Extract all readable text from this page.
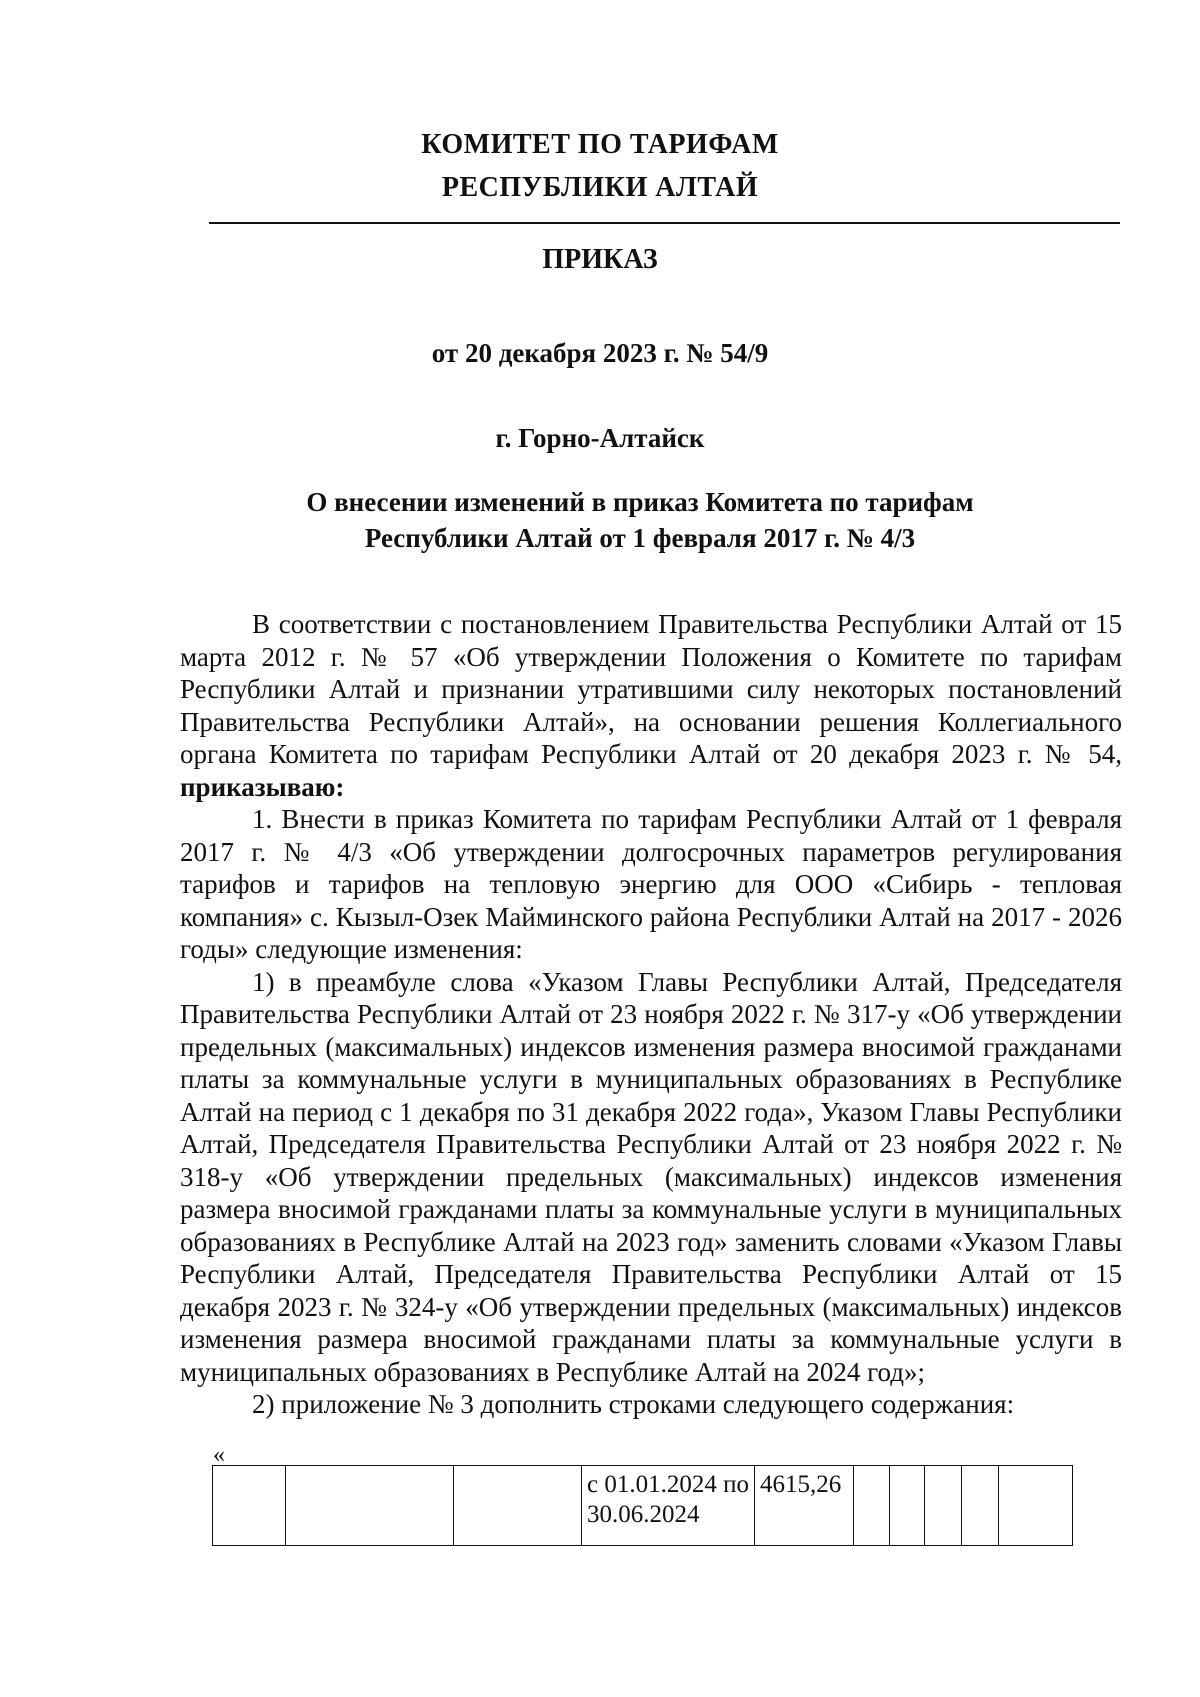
КОМИТЕТ ПО ТАРИФАМ
РЕСПУБЛИКИ АЛТАЙ
ПРИКАЗ
от 20 декабря 2023 г. № 54/9
г. Горно-Алтайск
О внесении изменений в приказ Комитета по тарифам
Республики Алтай от 1 февраля 2017 г. № 4/3

В соответствии с постановлением Правительства Республики Алтай от 15 марта 2012 г. № 57 «Об утверждении Положения о Комитете по тарифам Республики Алтай и признании утратившими силу некоторых постановлений Правительства Республики Алтай», на основании решения Коллегиального органа Комитета по тарифам Республики Алтай от 20 декабря 2023 г. № 54, приказываю:

1. Внести в приказ Комитета по тарифам Республики Алтай от 1 февраля 2017 г. № 4/3 «Об утверждении долгосрочных параметров регулирования тарифов и тарифов на тепловую энергию для ООО «Сибирь - тепловая компания» с. Кызыл-Озек Майминского района Республики Алтай на 2017 - 2026 годы» следующие изменения:

1) в преамбуле слова «Указом Главы Республики Алтай, Председателя Правительства Республики Алтай от 23 ноября 2022 г. № 317-у «Об утверждении предельных (максимальных) индексов изменения размера вносимой гражданами платы за коммунальные услуги в муниципальных образованиях в Республике Алтай на период с 1 декабря по 31 декабря 2022 года», Указом Главы Республики Алтай, Председателя Правительства Республики Алтай от 23 ноября 2022 г. № 318-у «Об утверждении предельных (максимальных) индексов изменения размера вносимой гражданами платы за коммунальные услуги в муниципальных образованиях в Республике Алтай на 2023 год» заменить словами «Указом Главы Республики Алтай, Председателя Правительства Республики Алтай от 15 декабря 2023 г. № 324-у «Об утверждении предельных (максимальных) индексов изменения размера вносимой гражданами платы за коммунальные услуги в муниципальных образованиях в Республике Алтай на 2024 год»;

2) приложение № 3 дополнить строками следующего содержания:

«
			с 01.01.2024 по 30.06.2024	4615,26					
